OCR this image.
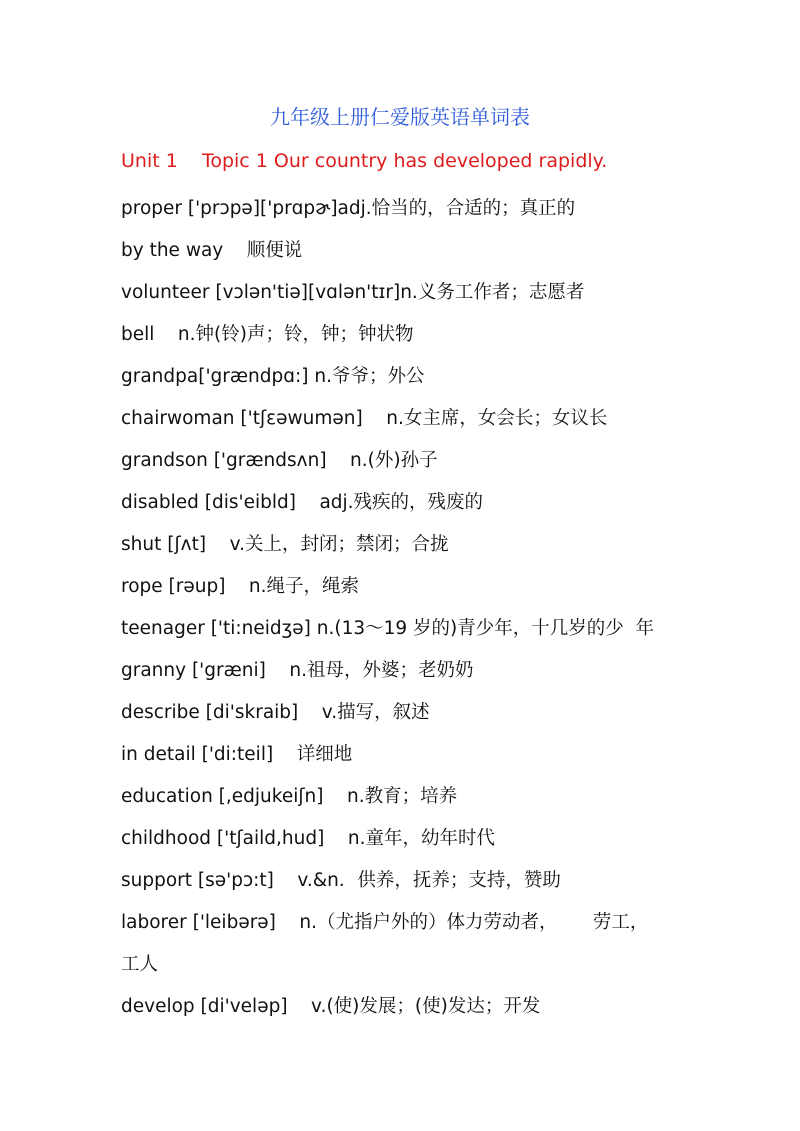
九年级上册仁爱版英语单词表
Unit 1    Topic 1 Our country has developed rapidly.
proper ['prɔpə]['prɑpɚ]adj.恰当的，合适的；真正的
by the way    顺便说
volunteer [vɔlən'tiə][vɑlən'tɪr]n.义务工作者；志愿者
bell    n.钟(铃)声；铃，钟；钟状物
grandpa['grændpɑ:] n.爷爷；外公
chairwoman ['tʃεəwumən]    n.女主席，女会长；女议长
grandson ['grændsʌn]    n.(外)孙子
disabled [dis'eibld]    adj.残疾的，残废的
shut [ʃʌt]    v.关上，封闭；禁闭；合拢
rope [rəup]    n.绳子，绳索
teenager ['ti:neidʒə] n.(13～19 岁的)青少年，十几岁的少  年
granny ['græni]    n.祖母，外婆；老奶奶
describe [di'skraib]    v.描写，叙述
in detail ['di:teil]    详细地
education [,edjukeiʃn]    n.教育；培养
childhood ['tʃaild,hud]    n.童年，幼年时代
support [sə'pɔ:t]    v.&n．供养，抚养；支持，赞助
laborer ['leibərə]    n.（尤指户外的）体力劳动者，      劳工，
工人
develop [di'veləp]    v.(使)发展；(使)发达；开发
